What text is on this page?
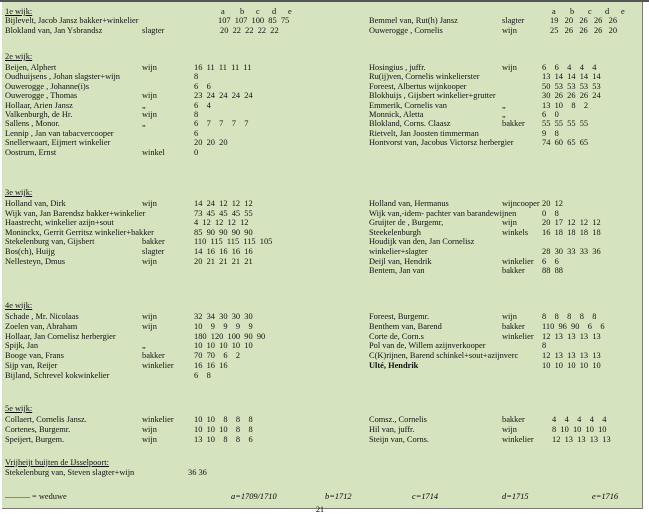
a b c d e	a b c d e
1e wijk:
Bijlevelt, Jacob Jansz bakker+winkelier	107 107 100 85 75
Blokland van, Jan Ysbrandsz	slagter	20 22 22 22 22
Bemmel van, Rut(h) Jansz	slagter	19 20 26 26 26
Ouwerogge , Cornelis	wijn	25 26 26 26 20
2e wijk:
Beijen, Alphert	wijn	16  11  11  11  11
Oudhuijsens , Johan slagster+wijn	8
Ouwerogge , Johanne(i)s	6    6
Ouwerogge , Thomas	wijn	23  24  24  24  24
Hollaar, Arien Jansz	„	6    4
Valkenburgh, de Hr.	wijn	8
Sallens , Monor.	„	6    7    7    7    7
Lennip , Jan van tabacvercooper	6
Snellerwaart, Eijmert winkelier	20  20  20
Oostrum, Ernst	winkel	0
Hosingius , juffr.	wijn	6    6    4    4    4
Ru(ij)ven, Cornelis winkelierster	13  14  14  14  14
Foreest, Albertus wijnkooper	50  53  53  53  53
Blokhuijs , Gijsbert winkelier+grutter	30  26  26  26  24
Emmerik, Cornelis van	„	13  10    8    2
Monnick, Aletta	„	6    0
Blokland, Corns. Claasz	bakker 55  55  55  55
Rietvelt, Jan Joosten timmerman	9    8
Hontvorst van, Jacobus Victorsz herbergier	74  60  65  65
3e wijk:
Holland van, Dirk	wijn	14  24  12  12  12
Wijk van, Jan Barendsz bakker+winkelier	73  45  45  45  55
Haastrecht, winkelier azijn+sout	4  12  12  12  12
Moninckx, Gerrit Gerritsz winkelier+bakker	85  90  90  90  90
Stekelenburg van, Gijsbert	bakker	110  115  115  115  105
Bos(ch), Huijg	slagter	14  16  16  16  16
Nellesteyn, Dmus	wijn	20  21  21  21  21
Holland van, Hermanus	wijncooper 20  12
Wijk van,-idem- pachter van barandewijnen	0    8
Gruijter de , Burgemr,	wijn	20  17  12  12  12
Steekelenburgh	winkels 16  18  18  18  18
Houdijk van den, Jan Cornelisz
winkelier+slagter	28  30  33  33  36
Deijl van, Hendrik	winkelier 6    6
Bentem, Jan van	bakker 88  88
4e wijk:
Schade , Mr. Nicolaas	wijn	32  34  30  30  30
Zoelen van, Abraham	wijn	10    9    9    9    9
Hollaar, Jan Cornelisz herbergier	180  120  100  90  90
Spijk, Jan	„	10  10  10  10  10
Booge van, Frans	bakker	70  70    6    2
Sijp van, Reijer	winkelier 16  16  16
Bijland, Schrevel kokwinkelier	6    8
Foreest, Burgemr.	wijn	8    8    8    8    8
Benthem van, Barend	bakker 110  96  90    6    6
Corte de, Corn.s	winkelier 12  13  13  13  13
Pol van de, Willem azijnverkooper	8
C(K)rijnen, Barend schinkel+sout+azijnverc	12  13  13  13  13
Ulté, Hendrik	10  10  10  10  10
5e wijk:
Collaert, Cornelis Jansz.	winkelier 10  10    8    8    8
Cortenes, Burgemr.	wijn	10  10  10    8    8
Speijert, Burgem.	wijn	13  10    8    8    6
Comsz., Cornelis	bakker	4    4    4    4    4
Hil van, juffr.	wijn	8  10  10  10  10
Steijn van, Corns.	winkelier 12  13  13  13  13
Vrijheijt buijten de IJsselpoort:
Stekelenburg van, Steven slagter+wijn	36 36
______ = weduwe	a=1709/1710	b=1712	c=1714	d=1715	e=1716
21
